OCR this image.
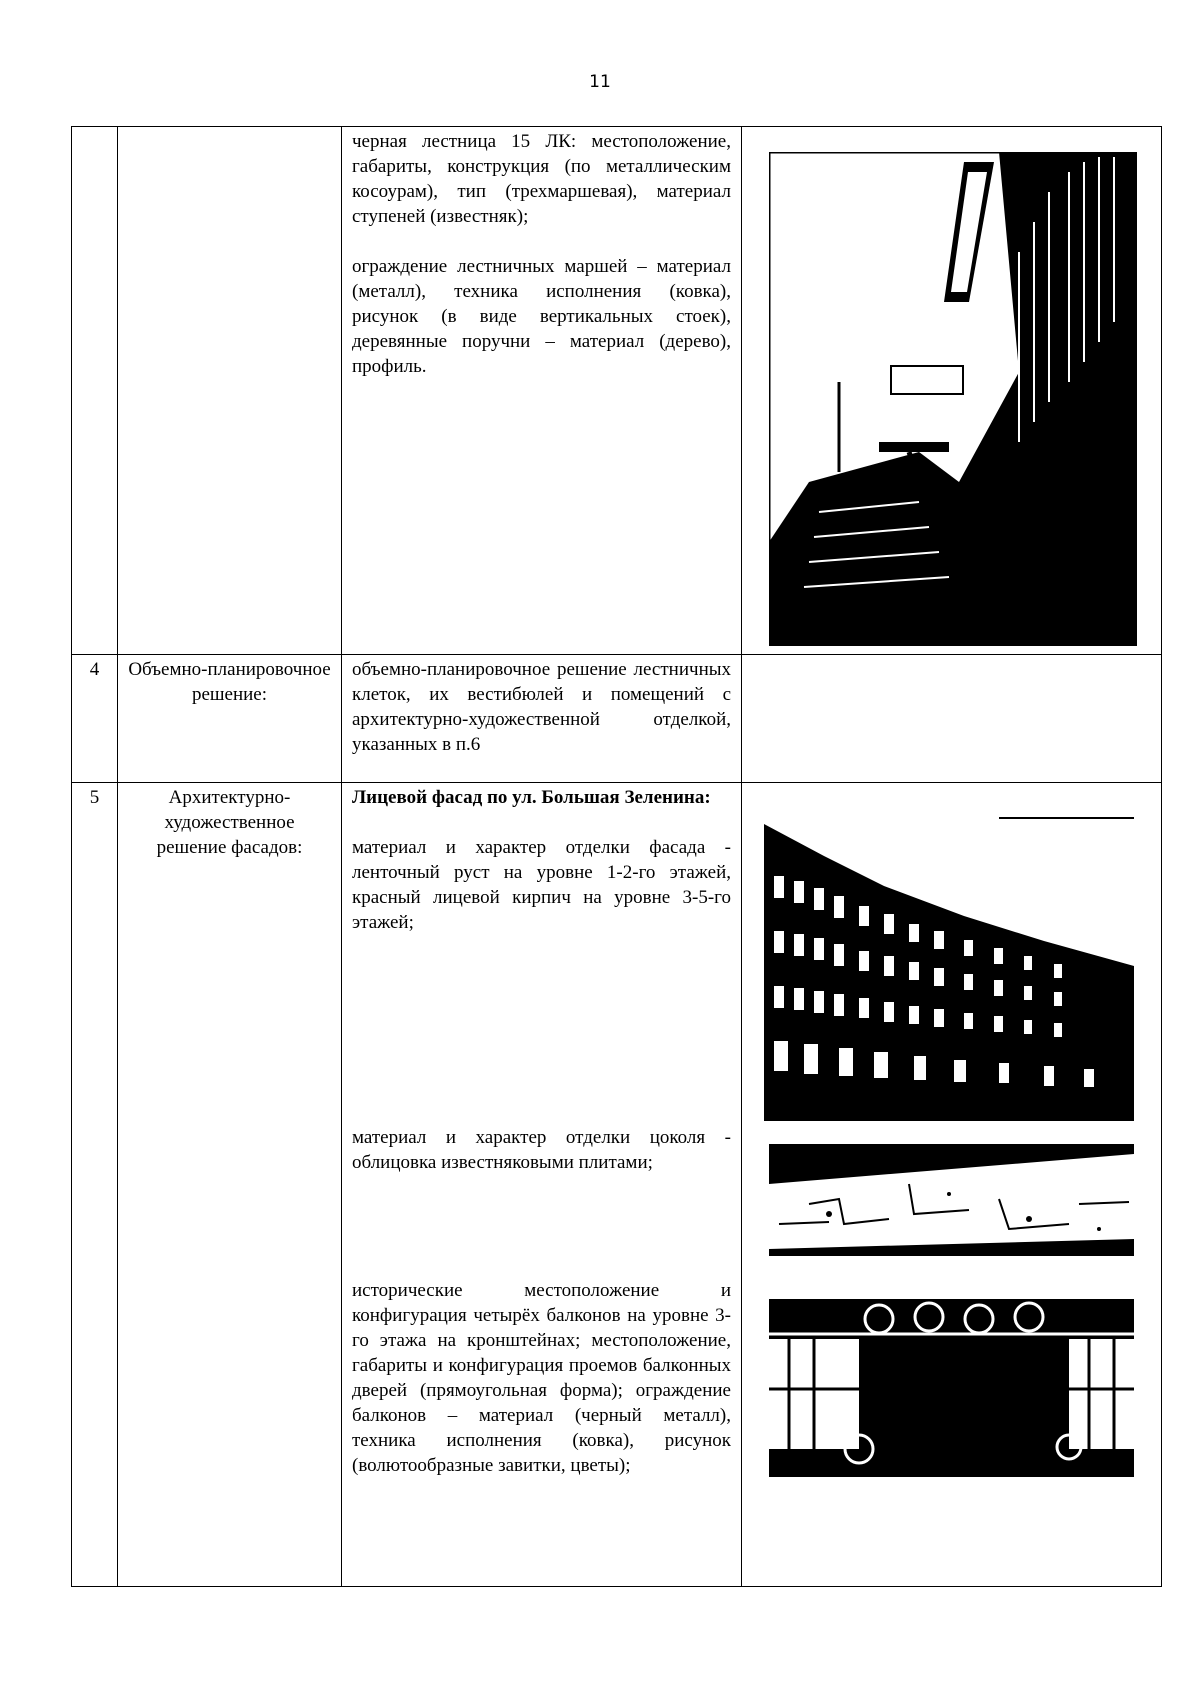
11

		черная лестница 15 ЛК: местоположение, габариты, конструкция (по металлическим косоурам), тип (трехмаршевая), материал ступеней (известняк);

ограждение лестничных маршей – материал (металл), техника исполнения (ковка), рисунок (в виде вертикальных стоек), деревянные поручни – материал (дерево), профиль.

4	Объемно-планировочное решение:	объемно-планировочное решение лестничных клеток, их вестибюлей и помещений с архитектурно-художественной отделкой, указанных в п.6	

5	Архитектурно-художественное решение фасадов:	Лицевой фасад по ул. Большая Зеленина:

материал и характер отделки фасада - ленточный руст на уровне 1-2-го этажей, красный лицевой кирпич на уровне 3-5-го этажей;

материал и характер отделки цоколя - облицовка известняковыми плитами;

исторические местоположение и конфигурация четырёх балконов на уровне 3-го этажа на кронштейнах; местоположение, габариты и конфигурация проемов балконных дверей (прямоугольная форма); ограждение балконов – материал (черный металл), техника исполнения (ковка), рисунок (волютообразные завитки, цветы);
